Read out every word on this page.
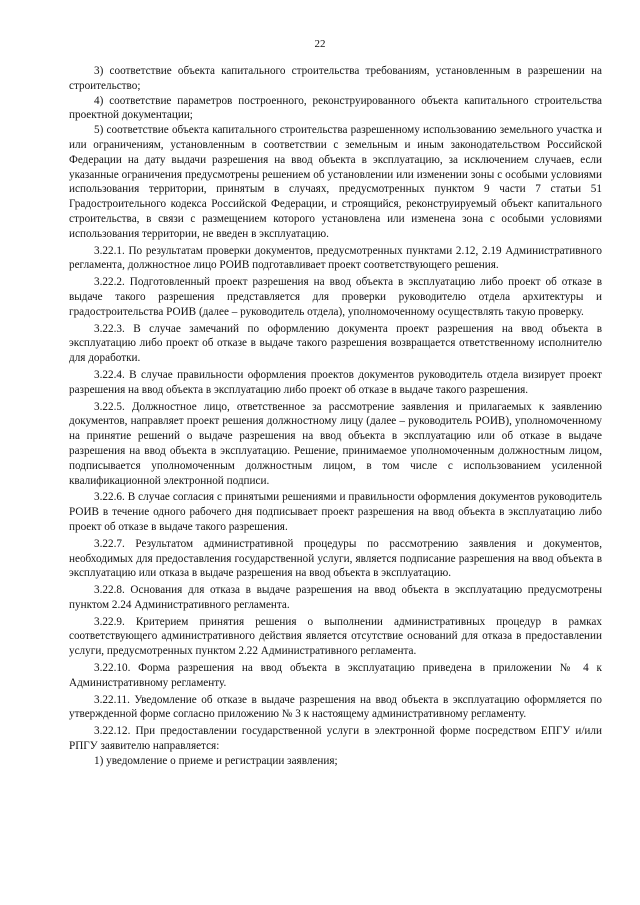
22

3) соответствие объекта капитального строительства требованиям, установленным в разрешении на строительство;

4) соответствие параметров построенного, реконструированного объекта капитального строительства проектной документации;

5) соответствие объекта капитального строительства разрешенному использованию земельного участка и или ограничениям, установленным в соответствии с земельным и иным законодательством Российской Федерации на дату выдачи разрешения на ввод объекта в эксплуатацию, за исключением случаев, если указанные ограничения предусмотрены решением об установлении или изменении зоны с особыми условиями использования территории, принятым в случаях, предусмотренных пунктом 9 части 7 статьи 51 Градостроительного кодекса Российской Федерации, и строящийся, реконструируемый объект капитального строительства, в связи с размещением которого установлена или изменена зона с особыми условиями использования территории, не введен в эксплуатацию.

3.22.1. По результатам проверки документов, предусмотренных пунктами 2.12, 2.19 Административного регламента, должностное лицо РОИВ подготавливает проект соответствующего решения.

3.22.2. Подготовленный проект разрешения на ввод объекта в эксплуатацию либо проект об отказе в выдаче такого разрешения представляется для проверки руководителю отдела архитектуры и градостроительства РОИВ (далее – руководитель отдела), уполномоченному осуществлять такую проверку.

3.22.3. В случае замечаний по оформлению документа проект разрешения на ввод объекта в эксплуатацию либо проект об отказе в выдаче такого разрешения возвращается ответственному исполнителю для доработки.

3.22.4. В случае правильности оформления проектов документов руководитель отдела визирует проект разрешения на ввод объекта в эксплуатацию либо проект об отказе в выдаче такого разрешения.

3.22.5. Должностное лицо, ответственное за рассмотрение заявления и прилагаемых к заявлению документов, направляет проект решения должностному лицу (далее – руководитель РОИВ), уполномоченному на принятие решений о выдаче разрешения на ввод объекта в эксплуатацию или об отказе в выдаче разрешения на ввод объекта в эксплуатацию. Решение, принимаемое уполномоченным должностным лицом, подписывается уполномоченным должностным лицом, в том числе с использованием усиленной квалификационной электронной подписи.

3.22.6. В случае согласия с принятыми решениями и правильности оформления документов руководитель РОИВ в течение одного рабочего дня подписывает проект разрешения на ввод объекта в эксплуатацию либо проект об отказе в выдаче такого разрешения.

3.22.7. Результатом административной процедуры по рассмотрению заявления и документов, необходимых для предоставления государственной услуги, является подписание разрешения на ввод объекта в эксплуатацию или отказа в выдаче разрешения на ввод объекта в эксплуатацию.

3.22.8. Основания для отказа в выдаче разрешения на ввод объекта в эксплуатацию предусмотрены пунктом 2.24 Административного регламента.

3.22.9. Критерием принятия решения о выполнении административных процедур в рамках соответствующего административного действия является отсутствие оснований для отказа в предоставлении услуги, предусмотренных пунктом 2.22 Административного регламента.

3.22.10. Форма разрешения на ввод объекта в эксплуатацию приведена в приложении № 4 к Административному регламенту.

3.22.11. Уведомление об отказе в выдаче разрешения на ввод объекта в эксплуатацию оформляется по утвержденной форме согласно приложению № 3 к настоящему административному регламенту.

3.22.12. При предоставлении государственной услуги в электронной форме посредством ЕПГУ и/или РПГУ заявителю направляется:

1) уведомление о приеме и регистрации заявления;
